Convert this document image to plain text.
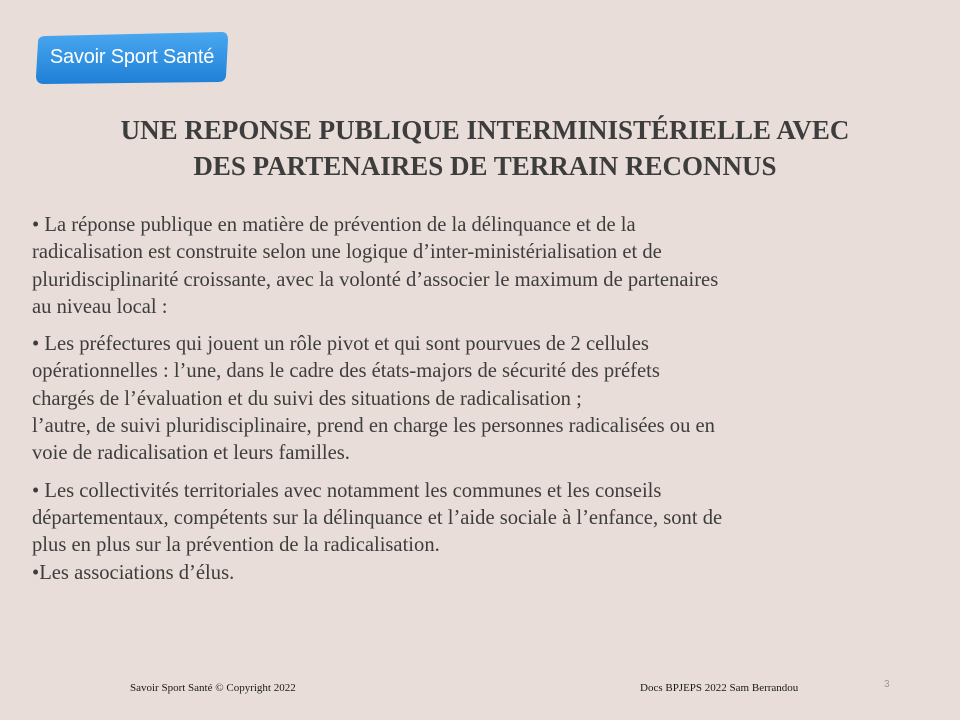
Savoir Sport Santé
UNE REPONSE PUBLIQUE INTERMINISTÉRIELLE AVEC
DES PARTENAIRES DE TERRAIN RECONNUS

• La réponse publique en matière de prévention de la délinquance et de la
radicalisation est construite selon une logique d’inter-ministérialisation et de
pluridisciplinarité croissante, avec la volonté d’associer le maximum de partenaires
au niveau local :

• Les préfectures qui jouent un rôle pivot et qui sont pourvues de 2 cellules
opérationnelles : l’une, dans le cadre des états-majors de sécurité des préfets
chargés de l’évaluation et du suivi des situations de radicalisation ;
l’autre, de suivi pluridisciplinaire, prend en charge les personnes radicalisées ou en
voie de radicalisation et leurs familles.

• Les collectivités territoriales avec notamment les communes et les conseils
départementaux, compétents sur la délinquance et l’aide sociale à l’enfance, sont de
plus en plus sur la prévention de la radicalisation.
•Les associations d’élus.

Savoir Sport Santé © Copyright 2022	Docs BPJEPS 2022 Sam Berrandou	3
